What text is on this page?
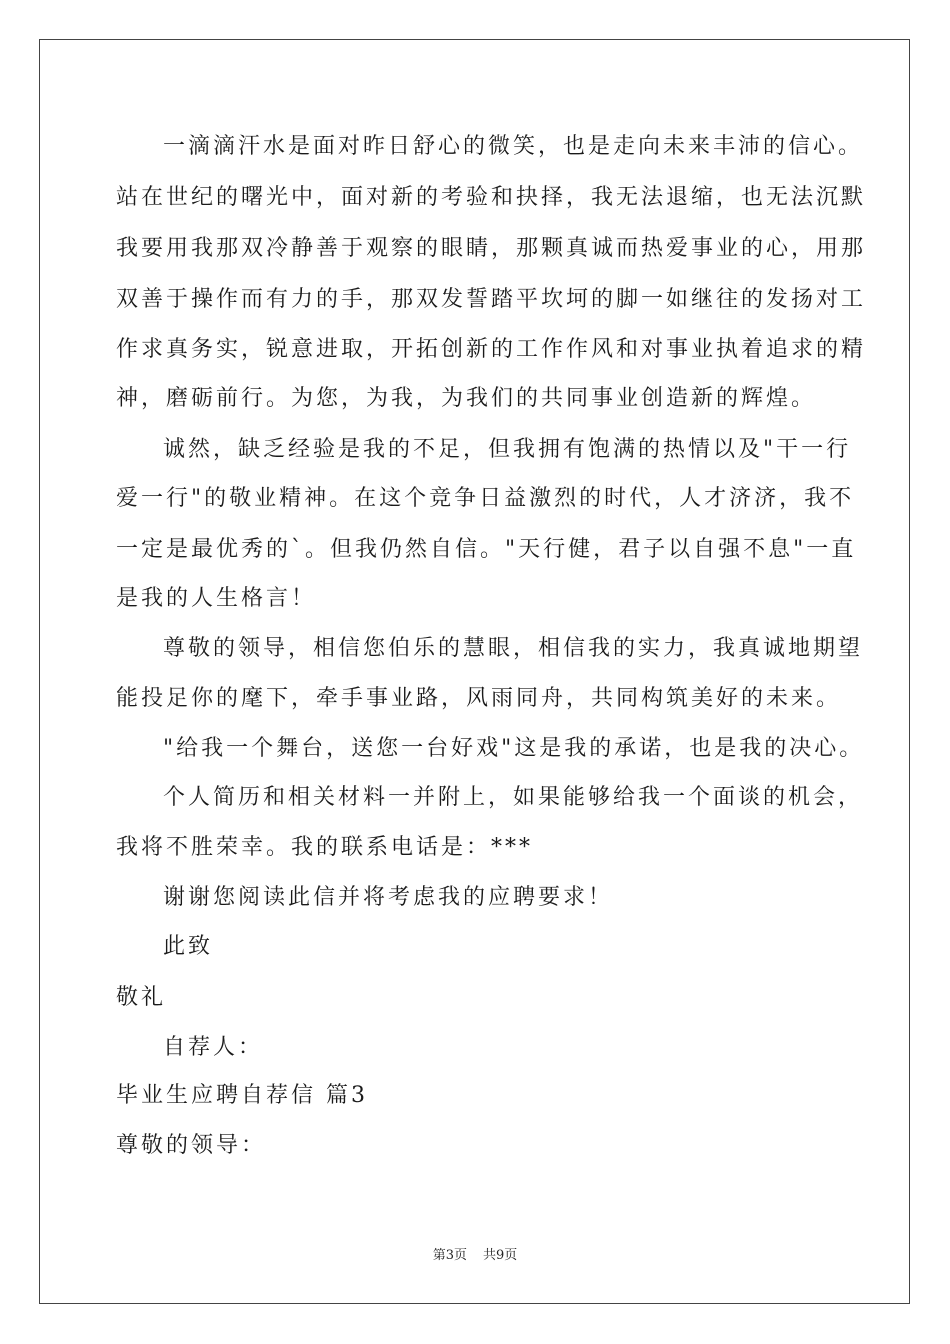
一滴滴汗水是面对昨日舒心的微笑，也是走向未来丰沛的信心。
站在世纪的曙光中，面对新的考验和抉择，我无法退缩，也无法沉默
我要用我那双冷静善于观察的眼睛，那颗真诚而热爱事业的心，用那
双善于操作而有力的手，那双发誓踏平坎坷的脚一如继往的发扬对工
作求真务实，锐意进取，开拓创新的工作作风和对事业执着追求的精
神，磨砺前行。为您，为我，为我们的共同事业创造新的辉煌。
诚然，缺乏经验是我的不足，但我拥有饱满的热情以及"干一行
爱一行"的敬业精神。在这个竞争日益激烈的时代，人才济济，我不
一定是最优秀的`。但我仍然自信。"天行健，君子以自强不息"一直
是我的人生格言！
尊敬的领导，相信您伯乐的慧眼，相信我的实力，我真诚地期望
能投足你的麾下，牵手事业路，风雨同舟，共同构筑美好的未来。
"给我一个舞台，送您一台好戏"这是我的承诺，也是我的决心。
个人简历和相关材料一并附上，如果能够给我一个面谈的机会，
我将不胜荣幸。我的联系电话是：***
谢谢您阅读此信并将考虑我的应聘要求！
此致
敬礼
自荐人：
毕业生应聘自荐信 篇3
尊敬的领导：
第3页 共9页
